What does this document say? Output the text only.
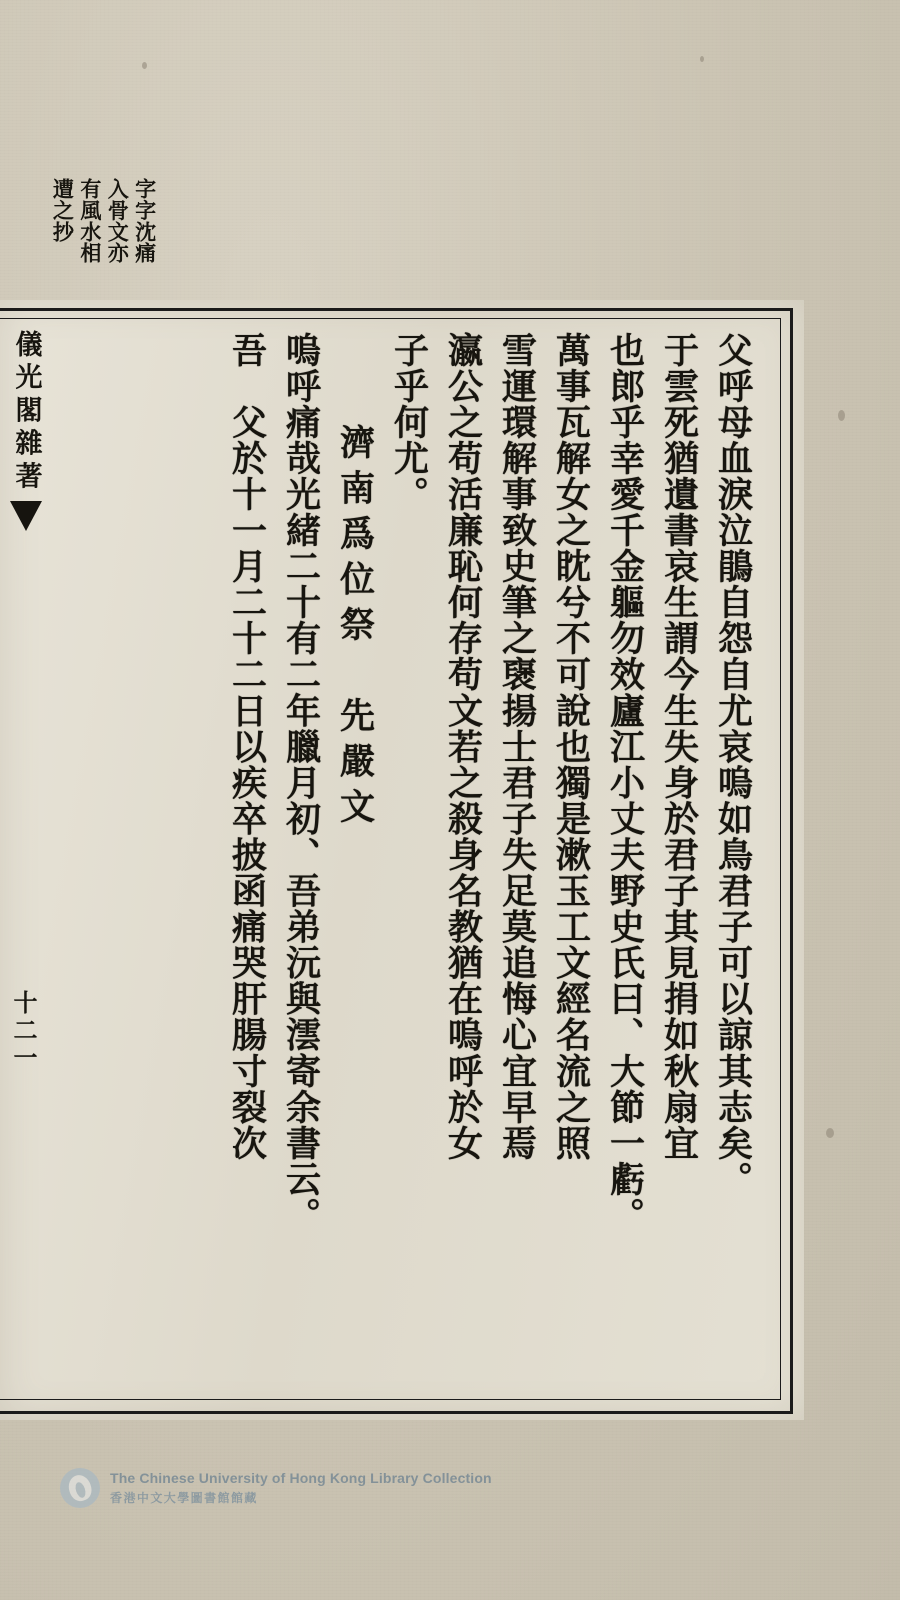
字字沈痛
入骨文亦
有風水相
遭之抄
儀光閣雜著
十二一	父呼母血淚泣鵑自怨自尤哀嗚如鳥君子可以諒其志矣。
于雲死猶遺書哀生謂今生失身於君子其見捐如秋扇宜
也郎乎幸愛千金軀勿效廬江小丈夫野史氏曰、大節一虧。
萬事瓦解女之眈兮不可說也獨是漱玉工文經名流之照
雪運環解事致史筆之襃揚士君子失足莫追悔心宜早焉
瀛公之苟活廉恥何存苟文若之殺身名教猶在嗚呼於女
子乎何尤。
濟南爲位祭　先嚴文
嗚呼痛哉光緒二十有二年臘月初、吾弟沅與澐寄余書云。
吾　父於十一月二十二日以疾卒披函痛哭肝腸寸裂次
The Chinese University of Hong Kong Library Collection
香港中文大學圖書館館藏
